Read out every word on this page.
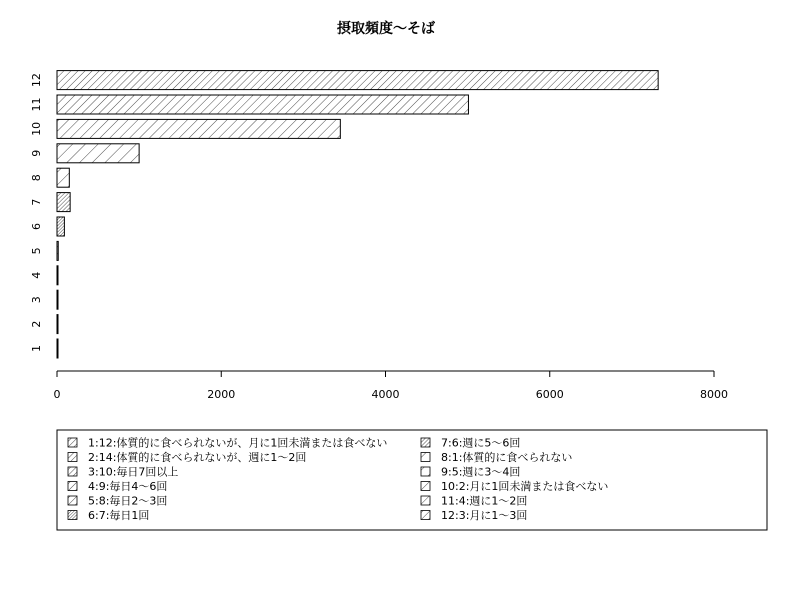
摂取頻度～そば
1
2
3
4
5
6
7
8
9
10
11
12
0	2000	4000	6000	8000
1:12:体質的に食べられないが、月に1回未満または食べない
2:14:体質的に食べられないが、週に1～2回
3:10:毎日7回以上
4:9:毎日4～6回
5:8:毎日2～3回
6:7:毎日1回
7:6:週に5～6回
8:1:体質的に食べられない
9:5:週に3～4回
10:2:月に1回未満または食べない
11:4:週に1～2回
12:3:月に1～3回
